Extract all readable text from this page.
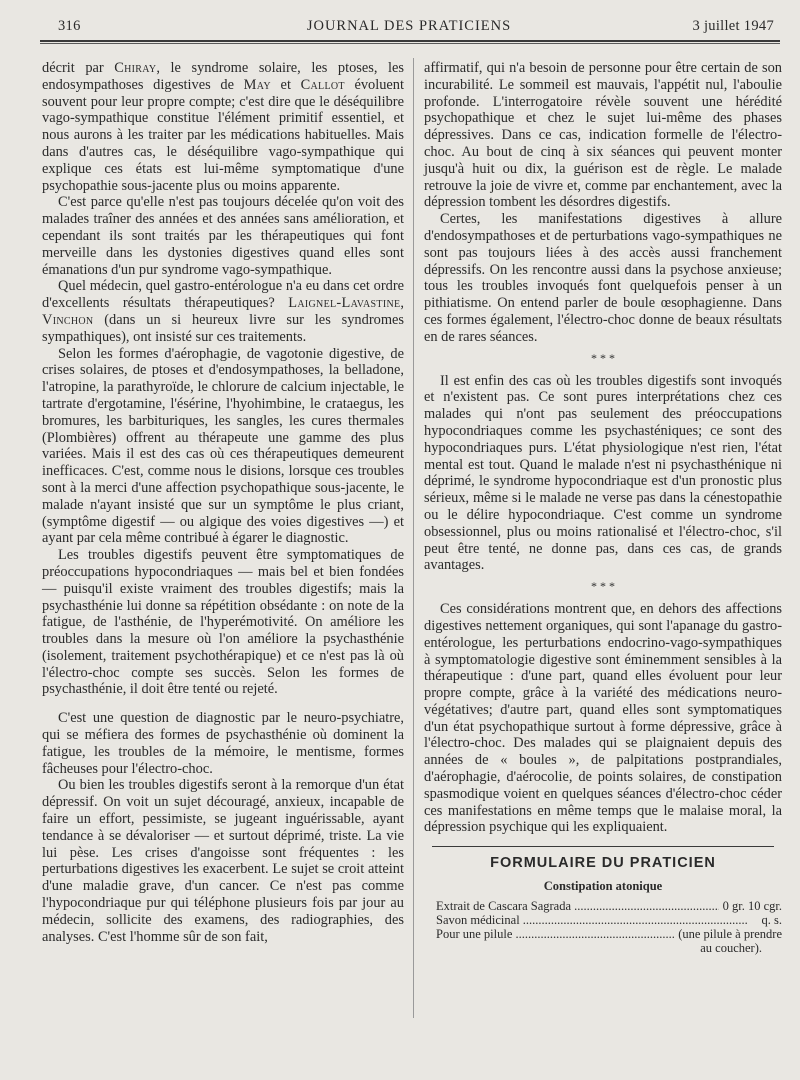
316	JOURNAL DES PRATICIENS	3 juillet 1947

décrit par Chiray, le syndrome solaire, les ptoses, les endosympathoses digestives de May et Callot évoluent souvent pour leur propre compte; c'est dire que le déséquilibre vago-sympathique constitue l'élément primitif essentiel, et nous aurons à les traiter par les médications habituelles. Mais dans d'autres cas, le déséquilibre vago-sympathique qui explique ces états est lui-même symptomatique d'une psychopathie sous-jacente plus ou moins apparente.

C'est parce qu'elle n'est pas toujours décelée qu'on voit des malades traîner des années et des années sans amélioration, et cependant ils sont traités par les thérapeutiques qui font merveille dans les dystonies digestives quand elles sont émanations d'un pur syndrome vago-sympathique.

Quel médecin, quel gastro-entérologue n'a eu dans cet ordre d'excellents résultats thérapeutiques? Laignel-Lavastine, Vinchon (dans un si heureux livre sur les syndromes sympathiques), ont insisté sur ces traitements.

Selon les formes d'aérophagie, de vagotonie digestive, de crises solaires, de ptoses et d'endosympathoses, la belladone, l'atropine, la parathyroïde, le chlorure de calcium injectable, le tartrate d'ergotamine, l'ésérine, l'hyohimbine, le crataegus, les bromures, les barbituriques, les sangles, les cures thermales (Plombières) offrent au thérapeute une gamme des plus variées. Mais il est des cas où ces thérapeutiques demeurent inefficaces. C'est, comme nous le disions, lorsque ces troubles sont à la merci d'une affection psychopathique sous-jacente, le malade n'ayant insisté que sur un symptôme le plus criant, (symptôme digestif — ou algique des voies digestives —) et ayant par cela même contribué à égarer le diagnostic.

Les troubles digestifs peuvent être symptomatiques de préoccupations hypocondriaques — mais bel et bien fondées — puisqu'il existe vraiment des troubles digestifs; mais la psychasthénie lui donne sa répétition obsédante : on note de la fatigue, de l'asthénie, de l'hyperémotivité. On améliore les troubles dans la mesure où l'on améliore la psychasthénie (isolement, traitement psychothérapique) et ce n'est pas là où l'électro-choc compte ses succès. Selon les formes de psychasthénie, il doit être tenté ou rejeté.

C'est une question de diagnostic par le neuro-psychiatre, qui se méfiera des formes de psychasthénie où dominent la fatigue, les troubles de la mémoire, le mentisme, formes fâcheuses pour l'électro-choc.

Ou bien les troubles digestifs seront à la remorque d'un état dépressif. On voit un sujet découragé, anxieux, incapable de faire un effort, pessimiste, se jugeant inguérissable, ayant tendance à se dévaloriser — et surtout déprimé, triste. La vie lui pèse. Les crises d'angoisse sont fréquentes : les perturbations digestives les exacerbent. Le sujet se croit atteint d'une maladie grave, d'un cancer. Ce n'est pas comme l'hypocondriaque pur qui téléphone plusieurs fois par jour au médecin, sollicite des examens, des radiographies, des analyses. C'est l'homme sûr de son fait,

affirmatif, qui n'a besoin de personne pour être certain de son incurabilité. Le sommeil est mauvais, l'appétit nul, l'aboulie profonde. L'interrogatoire révèle souvent une hérédité psychopathique et chez le sujet lui-même des phases dépressives. Dans ce cas, indication formelle de l'électro-choc. Au bout de cinq à six séances qui peuvent monter jusqu'à huit ou dix, la guérison est de règle. Le malade retrouve la joie de vivre et, comme par enchantement, avec la dépression tombent les désordres digestifs.

Certes, les manifestations digestives à allure d'endosympathoses et de perturbations vago-sympathiques ne sont pas toujours liées à des accès aussi franchement dépressifs. On les rencontre aussi dans la psychose anxieuse; tous les troubles invoqués font quelquefois penser à un pithiatisme. On entend parler de boule œsophagienne. Dans ces formes également, l'électro-choc donne de beaux résultats en de rares séances.

* * *

Il est enfin des cas où les troubles digestifs sont invoqués et n'existent pas. Ce sont pures interprétations chez ces malades qui n'ont pas seulement des préoccupations hypocondriaques comme les psychasténiques; ce sont des hypocondriaques purs. L'état physiologique n'est rien, l'état mental est tout. Quand le malade n'est ni psychasthénique ni déprimé, le syndrome hypocondriaque est d'un pronostic plus sérieux, même si le malade ne verse pas dans la cénestopathie ou le délire hypocondriaque. C'est comme un syndrome obsessionnel, plus ou moins rationalisé et l'électro-choc, s'il peut être tenté, ne donne pas, dans ces cas, de grands avantages.

* * *

Ces considérations montrent que, en dehors des affections digestives nettement organiques, qui sont l'apanage du gastro-entérologue, les perturbations endocrino-vago-sympathiques à symptomatologie digestive sont éminemment sensibles à la thérapeutique : d'une part, quand elles évoluent pour leur propre compte, grâce à la variété des médications neuro-végétatives; d'autre part, quand elles sont symptomatiques d'un état psychopathique surtout à forme dépressive, grâce à l'électro-choc. Des malades qui se plaignaient depuis des années de « boules », de palpitations postprandiales, d'aérophagie, d'aérocolie, de points solaires, de constipation spasmodique voient en quelques séances d'électro-choc céder ces manifestations en même temps que le malaise moral, la dépression psychique qui les expliquaient.

FORMULAIRE DU PRATICIEN
Constipation atonique
Extrait de Cascara Sagrada .....	0 gr. 10 cgr.
Savon médicinal .....	q. s.
Pour une pilule .....	(une pilule à prendre
au coucher).
